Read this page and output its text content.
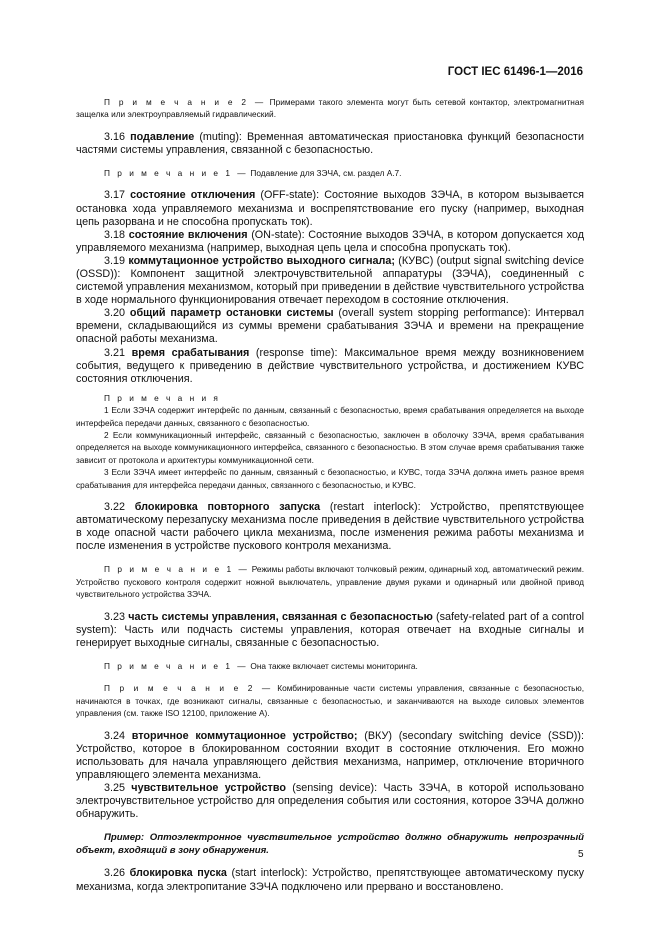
ГОСТ IEC 61496-1—2016

П р и м е ч а н и е 2 — Примерами такого элемента могут быть сетевой контактор, электромагнитная защелка или электроуправляемый гидравлический.

3.16 подавление (muting): Временная автоматическая приостановка функций безопасности частями системы управления, связанной с безопасностью.

П р и м е ч а н и е 1 — Подавление для ЗЭЧА, см. раздел А.7.

3.17 состояние отключения (OFF-state): Состояние выходов ЗЭЧА, в котором вызывается остановка хода управляемого механизма и воспрепятствование его пуску (например, выходная цепь разорвана и не способна пропускать ток).

3.18 состояние включения (ON-state): Состояние выходов ЗЭЧА, в котором допускается ход управляемого механизма (например, выходная цепь цела и способна пропускать ток).

3.19 коммутационное устройство выходного сигнала; (КУВС) (output signal switching device (OSSD)): Компонент защитной электрочувствительной аппаратуры (ЗЭЧА), соединенный с системой управления механизмом, который при приведении в действие чувствительного устройства в ходе нормального функционирования отвечает переходом в состояние отключения.

3.20 общий параметр остановки системы (overall system stopping performance): Интервал времени, складывающийся из суммы времени срабатывания ЗЭЧА и времени на прекращение опасной работы механизма.

3.21 время срабатывания (response time): Максимальное время между возникновением события, ведущего к приведению в действие чувствительного устройства, и достижением КУВС состояния отключения.

П р и м е ч а н и я

1 Если ЗЭЧА содержит интерфейс по данным, связанный с безопасностью, время срабатывания определяется на выходе интерфейса передачи данных, связанного с безопасностью.

2 Если коммуникационный интерфейс, связанный с безопасностью, заключен в оболочку ЗЭЧА, время срабатывания определяется на выходе коммуникационного интерфейса, связанного с безопасностью. В этом случае время срабатывания также зависит от протокола и архитектуры коммуникационной сети.

3 Если ЗЭЧА имеет интерфейс по данным, связанный с безопасностью, и КУВС, тогда ЗЭЧА должна иметь разное время срабатывания для интерфейса передачи данных, связанного с безопасностью, и КУВС.

3.22 блокировка повторного запуска (restart interlock): Устройство, препятствующее автоматическому перезапуску механизма после приведения в действие чувствительного устройства в ходе опасной части рабочего цикла механизма, после изменения режима работы механизма и после изменения в устройстве пускового контроля механизма.

П р и м е ч а н и е 1 — Режимы работы включают толчковый режим, одинарный ход, автоматический режим. Устройство пускового контроля содержит ножной выключатель, управление двумя руками и одинарный или двойной привод чувствительного устройства ЗЭЧА.

3.23 часть системы управления, связанная с безопасностью (safety-related part of a control system): Часть или подчасть системы управления, которая отвечает на входные сигналы и генерирует выходные сигналы, связанные с безопасностью.

П р и м е ч а н и е 1 — Она также включает системы мониторинга.

П р и м е ч а н и е 2 — Комбинированные части системы управления, связанные с безопасностью, начинаются в точках, где возникают сигналы, связанные с безопасностью, и заканчиваются на выходе силовых элементов управления (см. также ISO 12100, приложение А).

3.24 вторичное коммутационное устройство; (ВКУ) (secondary switching device (SSD)): Устройство, которое в блокированном состоянии входит в состояние отключения. Его можно использовать для начала управляющего действия механизма, например, отключение вторичного управляющего элемента механизма.

3.25 чувствительное устройство (sensing device): Часть ЗЭЧА, в которой использовано электрочувствительное устройство для определения события или состояния, которое ЗЭЧА должно обнаружить.

Пример: Оптоэлектронное чувствительное устройство должно обнаружить непрозрачный объект, входящий в зону обнаружения.

3.26 блокировка пуска (start interlock): Устройство, препятствующее автоматическому пуску механизма, когда электропитание ЗЭЧА подключено или прервано и восстановлено.

5
